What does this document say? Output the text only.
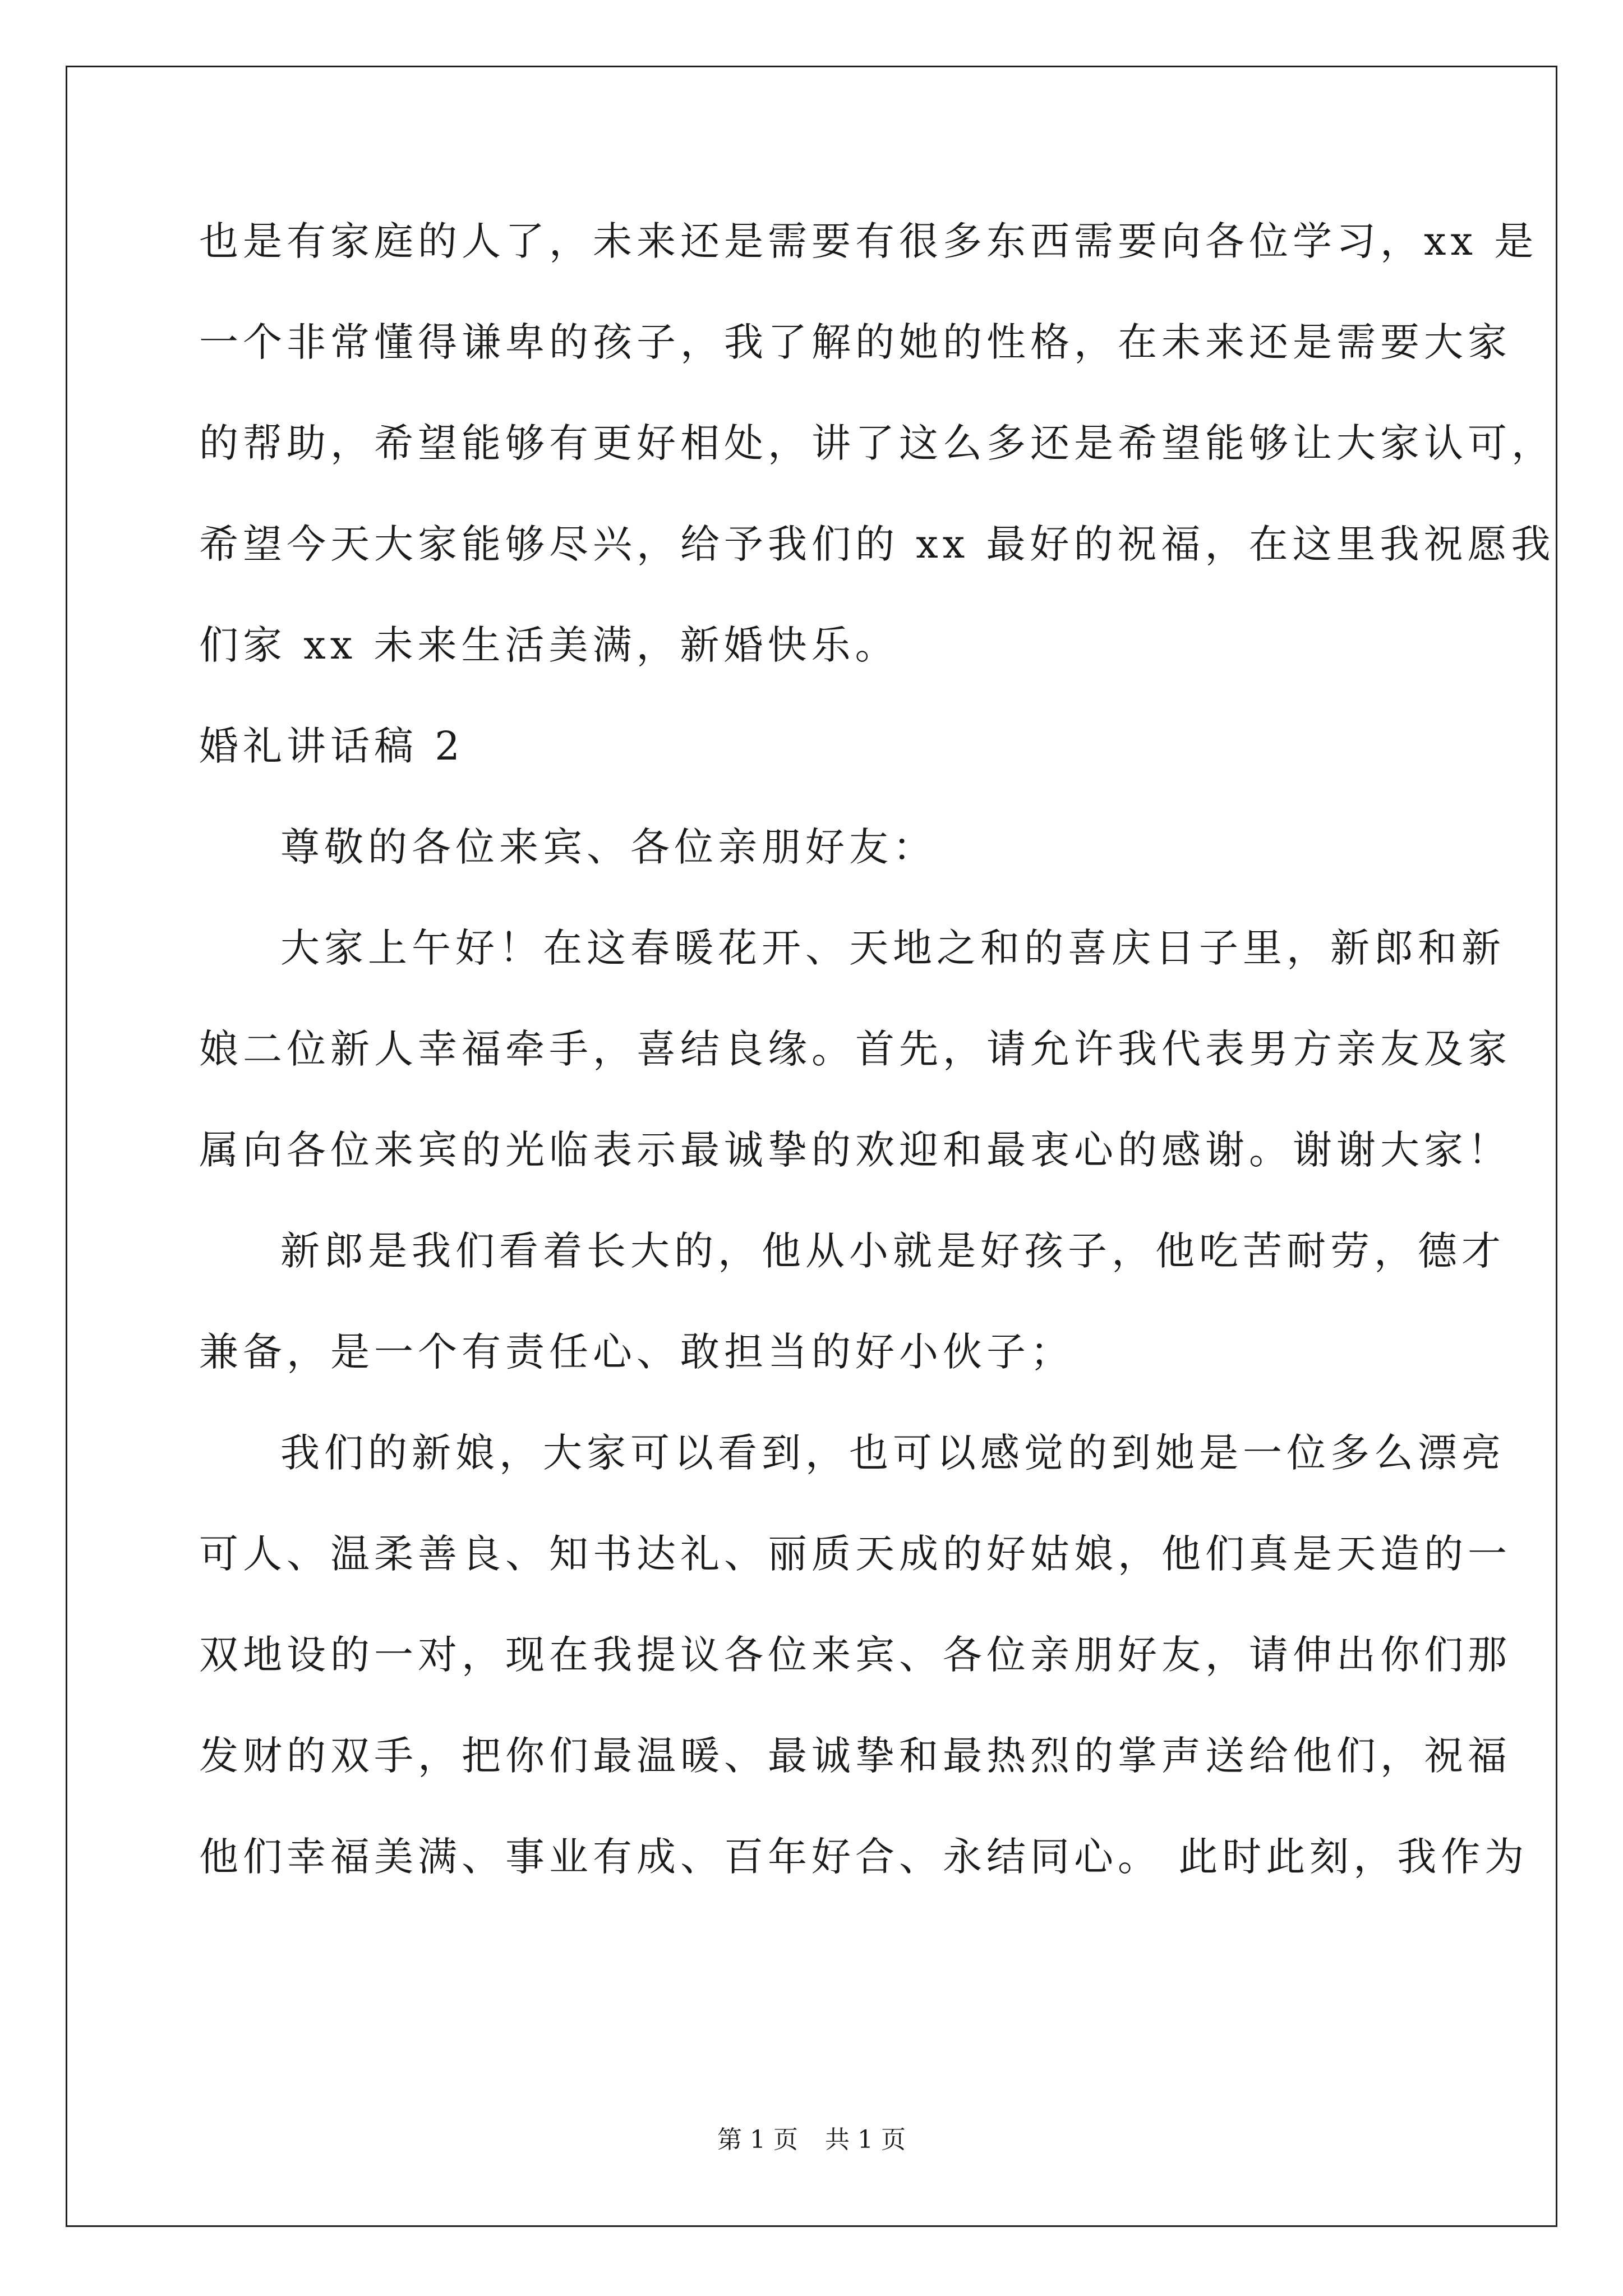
也是有家庭的人了，未来还是需要有很多东西需要向各位学习，xx 是
一个非常懂得谦卑的孩子，我了解的她的性格，在未来还是需要大家
的帮助，希望能够有更好相处，讲了这么多还是希望能够让大家认可，
希望今天大家能够尽兴，给予我们的 xx 最好的祝福，在这里我祝愿我
们家 xx 未来生活美满，新婚快乐。
婚礼讲话稿 2
尊敬的各位来宾、各位亲朋好友：
大家上午好！在这春暖花开、天地之和的喜庆日子里，新郎和新
娘二位新人幸福牵手，喜结良缘。首先，请允许我代表男方亲友及家
属向各位来宾的光临表示最诚挚的欢迎和最衷心的感谢。谢谢大家！
新郎是我们看着长大的，他从小就是好孩子，他吃苦耐劳，德才
兼备，是一个有责任心、敢担当的好小伙子；
我们的新娘，大家可以看到，也可以感觉的到她是一位多么漂亮
可人、温柔善良、知书达礼、丽质天成的好姑娘，他们真是天造的一
双地设的一对，现在我提议各位来宾、各位亲朋好友，请伸出你们那
发财的双手，把你们最温暖、最诚挚和最热烈的掌声送给他们，祝福
他们幸福美满、事业有成、百年好合、永结同心。 此时此刻，我作为
第 1 页 共 1 页
